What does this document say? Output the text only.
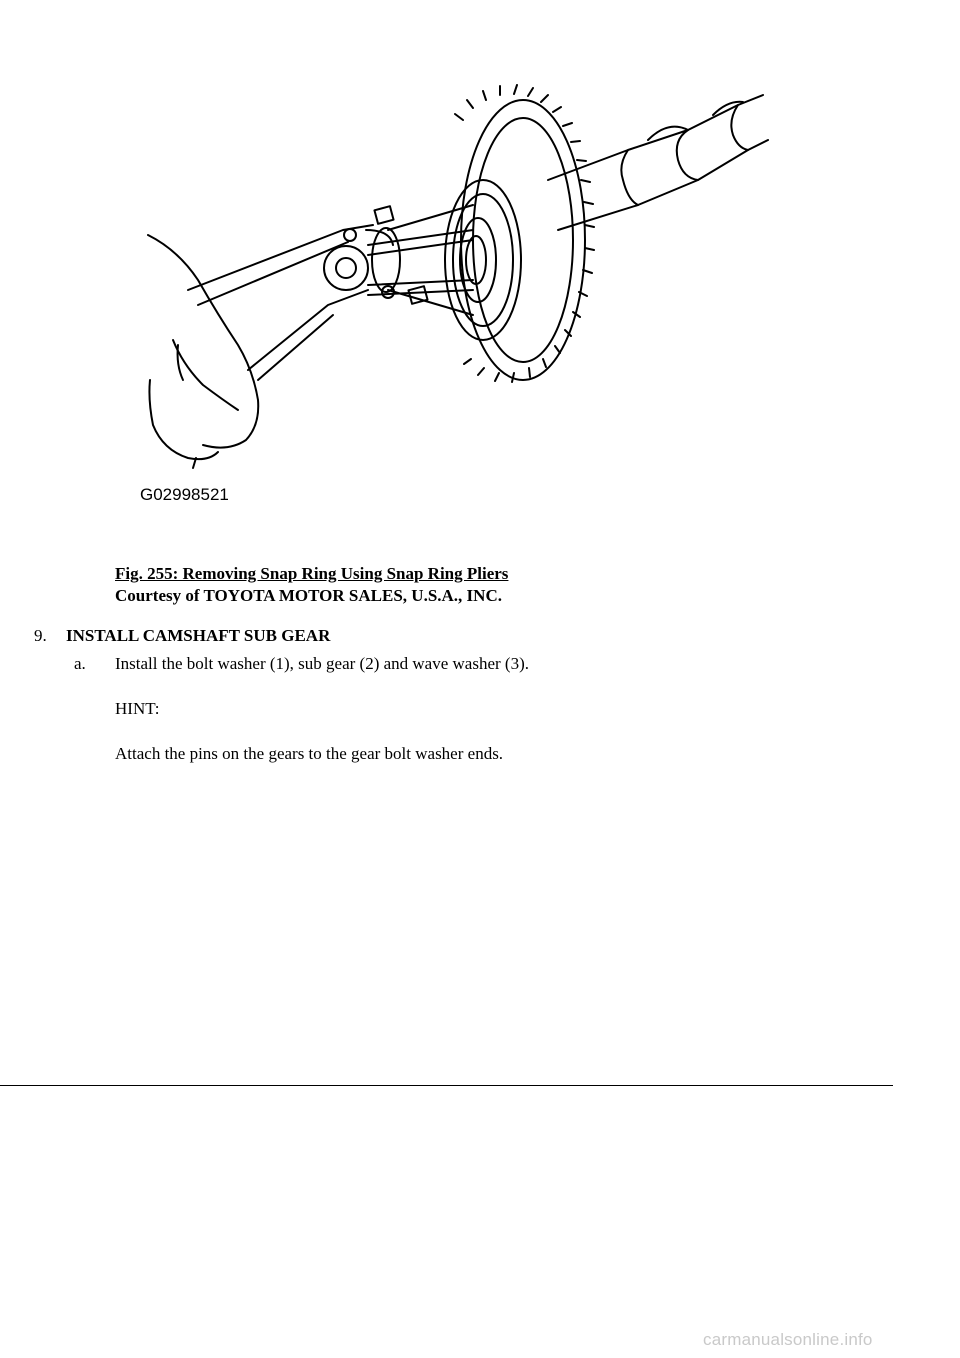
G02998521
Fig. 255: Removing Snap Ring Using Snap Ring Pliers
Courtesy of TOYOTA MOTOR SALES, U.S.A., INC.
9. INSTALL CAMSHAFT SUB GEAR
a. Install the bolt washer (1), sub gear (2) and wave washer (3).
HINT:
Attach the pins on the gears to the gear bolt washer ends.
carmanualsonline.info
